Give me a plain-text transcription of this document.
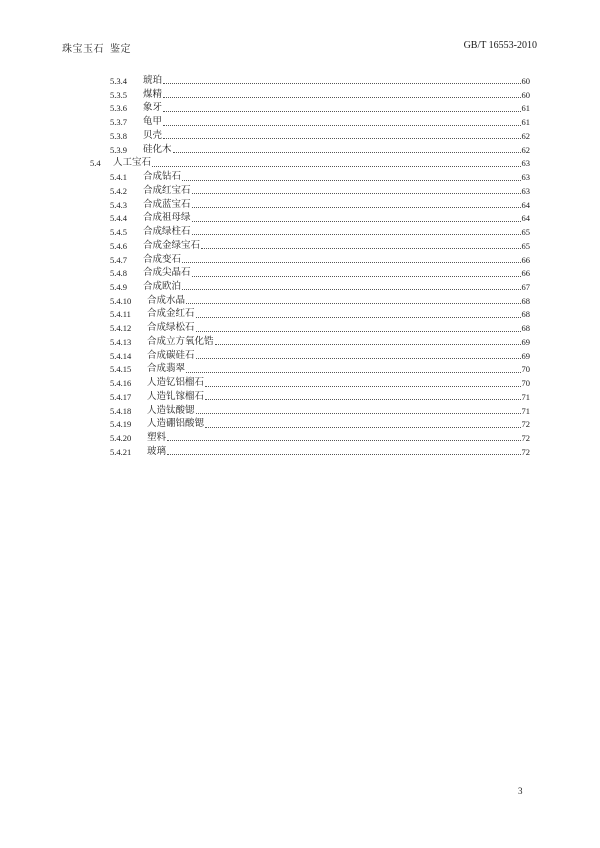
珠宝玉石  鉴定	GB/T 16553-2010
5.3.4	琥珀	60
5.3.5	煤精	60
5.3.6	象牙	61
5.3.7	龟甲	61
5.3.8	贝壳	62
5.3.9	硅化木	62
5.4	人工宝石	63
5.4.1	合成钻石	63
5.4.2	合成红宝石	63
5.4.3	合成蓝宝石	64
5.4.4	合成祖母绿	64
5.4.5	合成绿柱石	65
5.4.6	合成金绿宝石	65
5.4.7	合成变石	66
5.4.8	合成尖晶石	66
5.4.9	合成欧泊	67
5.4.10	合成水晶	68
5.4.11	合成金红石	68
5.4.12	合成绿松石	68
5.4.13	合成立方氧化锆	69
5.4.14	合成碳硅石	69
5.4.15	合成翡翠	70
5.4.16	人造钇铝榴石	70
5.4.17	人造钆镓榴石	71
5.4.18	人造钛酸锶	71
5.4.19	人造硼铝酸锶	72
5.4.20	塑料	72
5.4.21	玻璃	72
3
